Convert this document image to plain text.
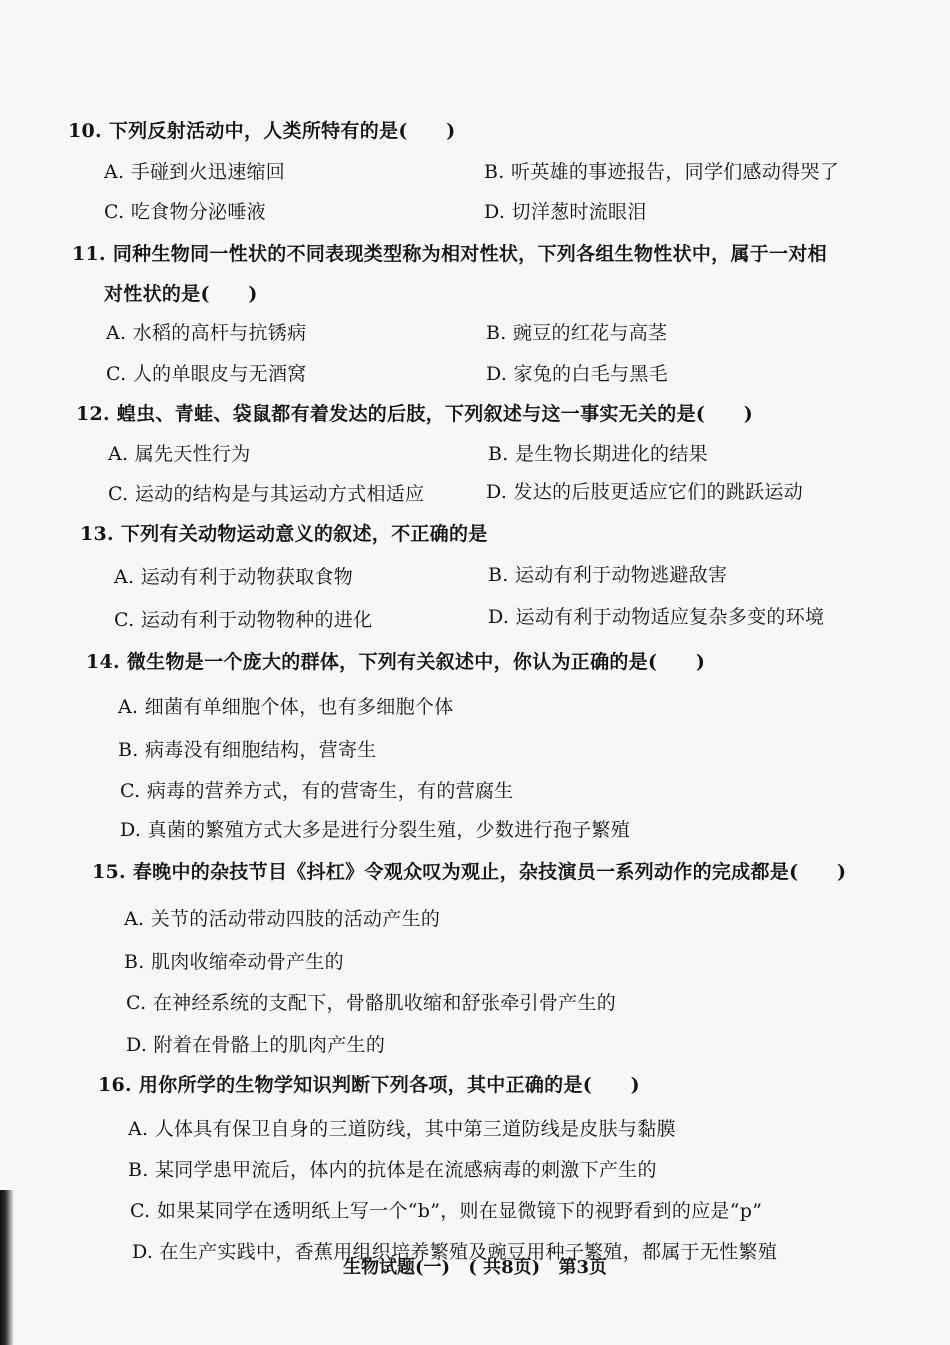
10. 下列反射活动中，人类所特有的是(　　)
A. 手碰到火迅速缩回	B. 听英雄的事迹报告，同学们感动得哭了
C. 吃食物分泌唾液	D. 切洋葱时流眼泪
11. 同种生物同一性状的不同表现类型称为相对性状，下列各组生物性状中，属于一对相
对性状的是(　　)
A. 水稻的高杆与抗锈病	B. 豌豆的红花与高茎
C. 人的单眼皮与无酒窝	D. 家兔的白毛与黑毛
12. 蝗虫、青蛙、袋鼠都有着发达的后肢，下列叙述与这一事实无关的是(　　)
A. 属先天性行为	B. 是生物长期进化的结果
C. 运动的结构是与其运动方式相适应	D. 发达的后肢更适应它们的跳跃运动
13. 下列有关动物运动意义的叙述，不正确的是
A. 运动有利于动物获取食物	B. 运动有利于动物逃避敌害
C. 运动有利于动物物种的进化	D. 运动有利于动物适应复杂多变的环境
14. 微生物是一个庞大的群体，下列有关叙述中，你认为正确的是(　　)
A. 细菌有单细胞个体，也有多细胞个体
B. 病毒没有细胞结构，营寄生
C. 病毒的营养方式，有的营寄生，有的营腐生
D. 真菌的繁殖方式大多是进行分裂生殖，少数进行孢子繁殖
15. 春晚中的杂技节目《抖杠》令观众叹为观止，杂技演员一系列动作的完成都是(　　)
A. 关节的活动带动四肢的活动产生的
B. 肌肉收缩牵动骨产生的
C. 在神经系统的支配下，骨骼肌收缩和舒张牵引骨产生的
D. 附着在骨骼上的肌肉产生的
16. 用你所学的生物学知识判断下列各项，其中正确的是(　　)
A. 人体具有保卫自身的三道防线，其中第三道防线是皮肤与黏膜
B. 某同学患甲流后，体内的抗体是在流感病毒的刺激下产生的
C. 如果某同学在透明纸上写一个“b”，则在显微镜下的视野看到的应是“p”
D. 在生产实践中，香蕉用组织培养繁殖及豌豆用种子繁殖，都属于无性繁殖
生物试题(一) ( 共8页) 第3页
